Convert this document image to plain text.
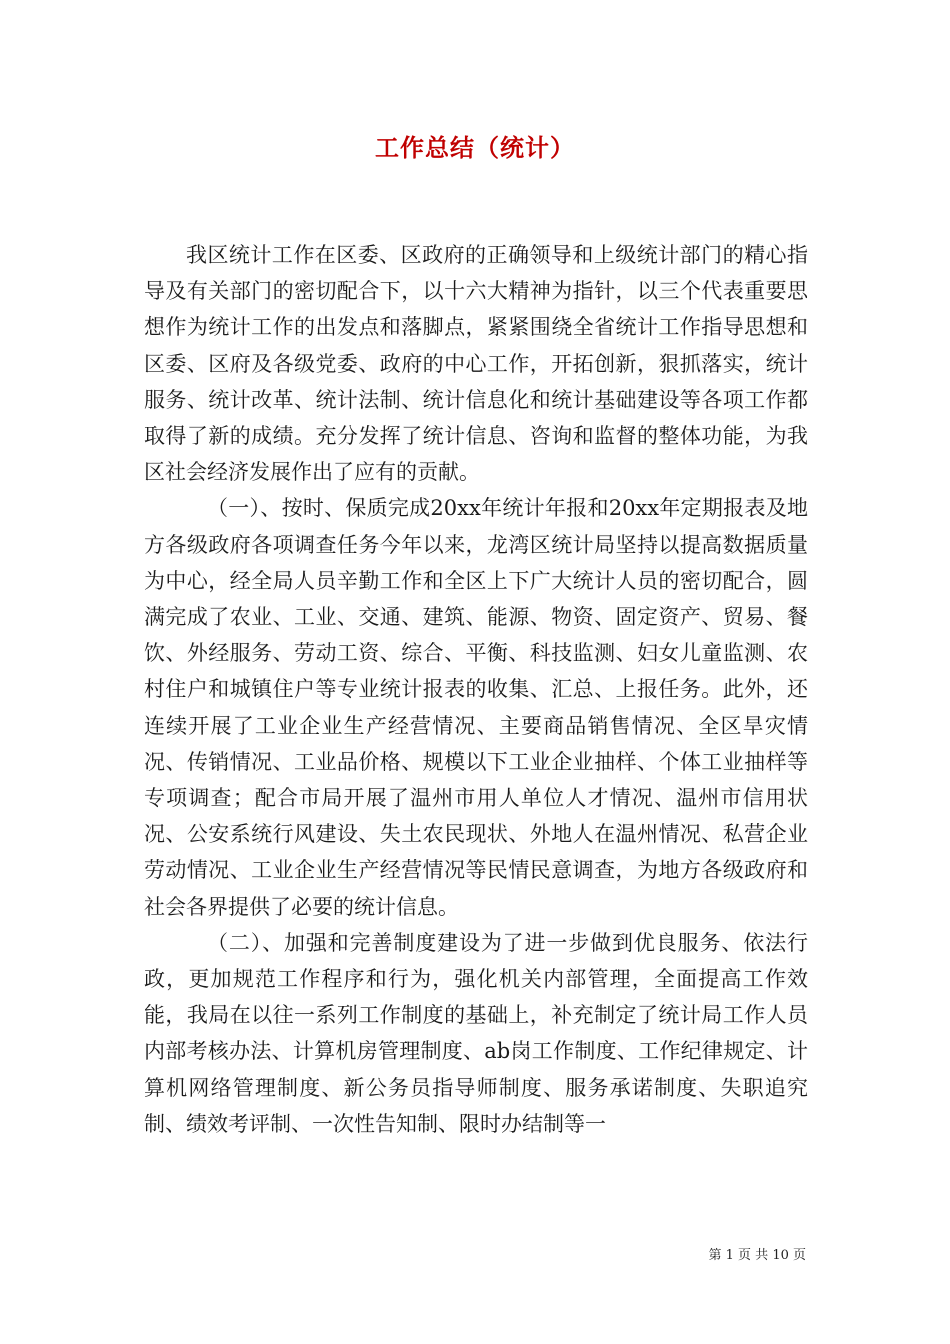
工作总结（统计）

我区统计工作在区委、区政府的正确领导和上级统计部门的精心指导及有关部门的密切配合下，以十六大精神为指针，以三个代表重要思想作为统计工作的出发点和落脚点，紧紧围绕全省统计工作指导思想和区委、区府及各级党委、政府的中心工作，开拓创新，狠抓落实，统计服务、统计改革、统计法制、统计信息化和统计基础建设等各项工作都取得了新的成绩。充分发挥了统计信息、咨询和监督的整体功能，为我区社会经济发展作出了应有的贡献。

（一）、按时、保质完成20xx年统计年报和20xx年定期报表及地方各级政府各项调查任务今年以来，龙湾区统计局坚持以提高数据质量为中心，经全局人员辛勤工作和全区上下广大统计人员的密切配合，圆满完成了农业、工业、交通、建筑、能源、物资、固定资产、贸易、餐饮、外经服务、劳动工资、综合、平衡、科技监测、妇女儿童监测、农村住户和城镇住户等专业统计报表的收集、汇总、上报任务。此外，还连续开展了工业企业生产经营情况、主要商品销售情况、全区旱灾情况、传销情况、工业品价格、规模以下工业企业抽样、个体工业抽样等专项调查；配合市局开展了温州市用人单位人才情况、温州市信用状况、公安系统行风建设、失土农民现状、外地人在温州情况、私营企业劳动情况、工业企业生产经营情况等民情民意调查，为地方各级政府和社会各界提供了必要的统计信息。

（二）、加强和完善制度建设为了进一步做到优良服务、依法行政，更加规范工作程序和行为，强化机关内部管理，全面提高工作效能，我局在以往一系列工作制度的基础上，补充制定了统计局工作人员内部考核办法、计算机房管理制度、ab岗工作制度、工作纪律规定、计算机网络管理制度、新公务员指导师制度、服务承诺制度、失职追究制、绩效考评制、一次性告知制、限时办结制等一

第 1 页 共 10 页
